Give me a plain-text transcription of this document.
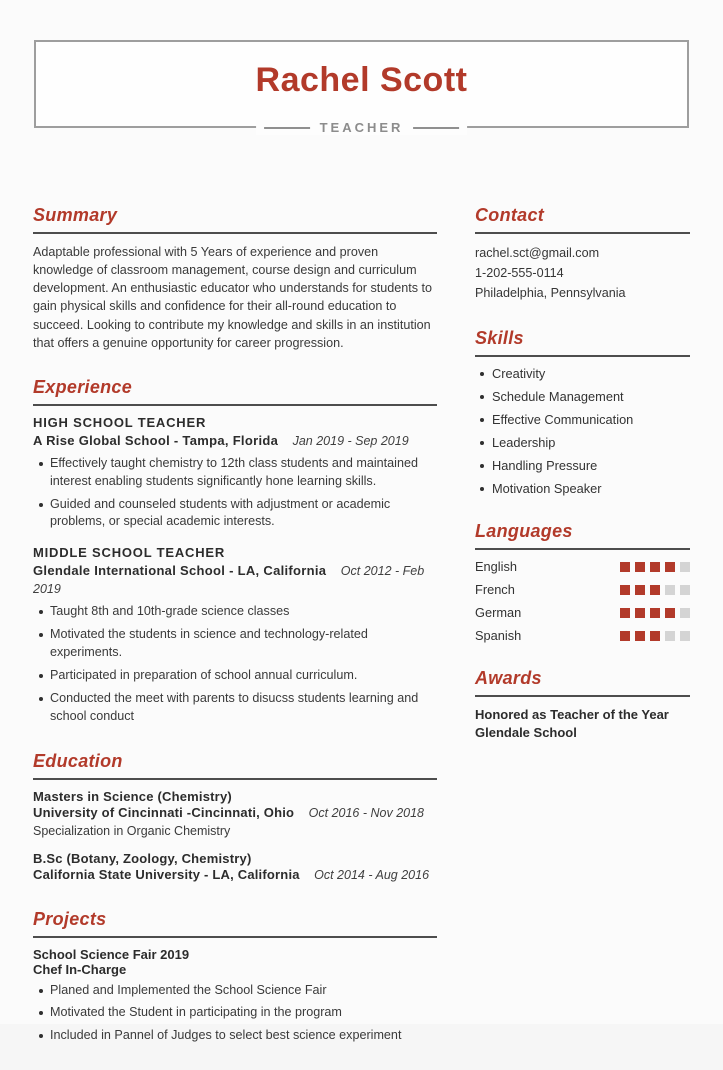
Rachel Scott
TEACHER
Summary

Adaptable professional with 5 Years of experience and proven knowledge of classroom management, course design and curriculum development. An enthusiastic educator who understands for students to gain physical skills and confidence for their all-round education to succeed. Looking to contribute my knowledge and skills in an institution that offers a genuine opportunity for career progression.

Experience
HIGH SCHOOL TEACHER
A Rise Global School - Tampa, Florida Jan 2019 - Sep 2019
Effectively taught chemistry to 12th class students and maintained interest enabling students significantly hone learning skills.
Guided and counseled students with adjustment or academic problems, or special academic interests.
MIDDLE SCHOOL TEACHER
Glendale International School - LA, California Oct 2012 - Feb 2019
Taught 8th and 10th-grade science classes
Motivated the students in science and technology-related experiments.
Participated in preparation of school annual curriculum.
Conducted the meet with parents to disucss students learning and school conduct
Education
Masters in Science (Chemistry)
University of Cincinnati -Cincinnati, Ohio Oct 2016 - Nov 2018
Specialization in Organic Chemistry
B.Sc (Botany, Zoology, Chemistry)
California State University - LA, California Oct 2014 - Aug 2016
Projects
School Science Fair 2019
Chef In-Charge
Planed and Implemented the School Science Fair
Motivated the Student in participating in the program
Included in Pannel of Judges to select best science experiment
Contact
rachel.sct@gmail.com
1-202-555-0114
Philadelphia, Pennsylvania
Skills
Creativity
Schedule Management
Effective Communication
Leadership
Handling Pressure
Motivation Speaker
Languages
English
French
German
Spanish
Awards
Honored as Teacher of the Year
Glendale School
